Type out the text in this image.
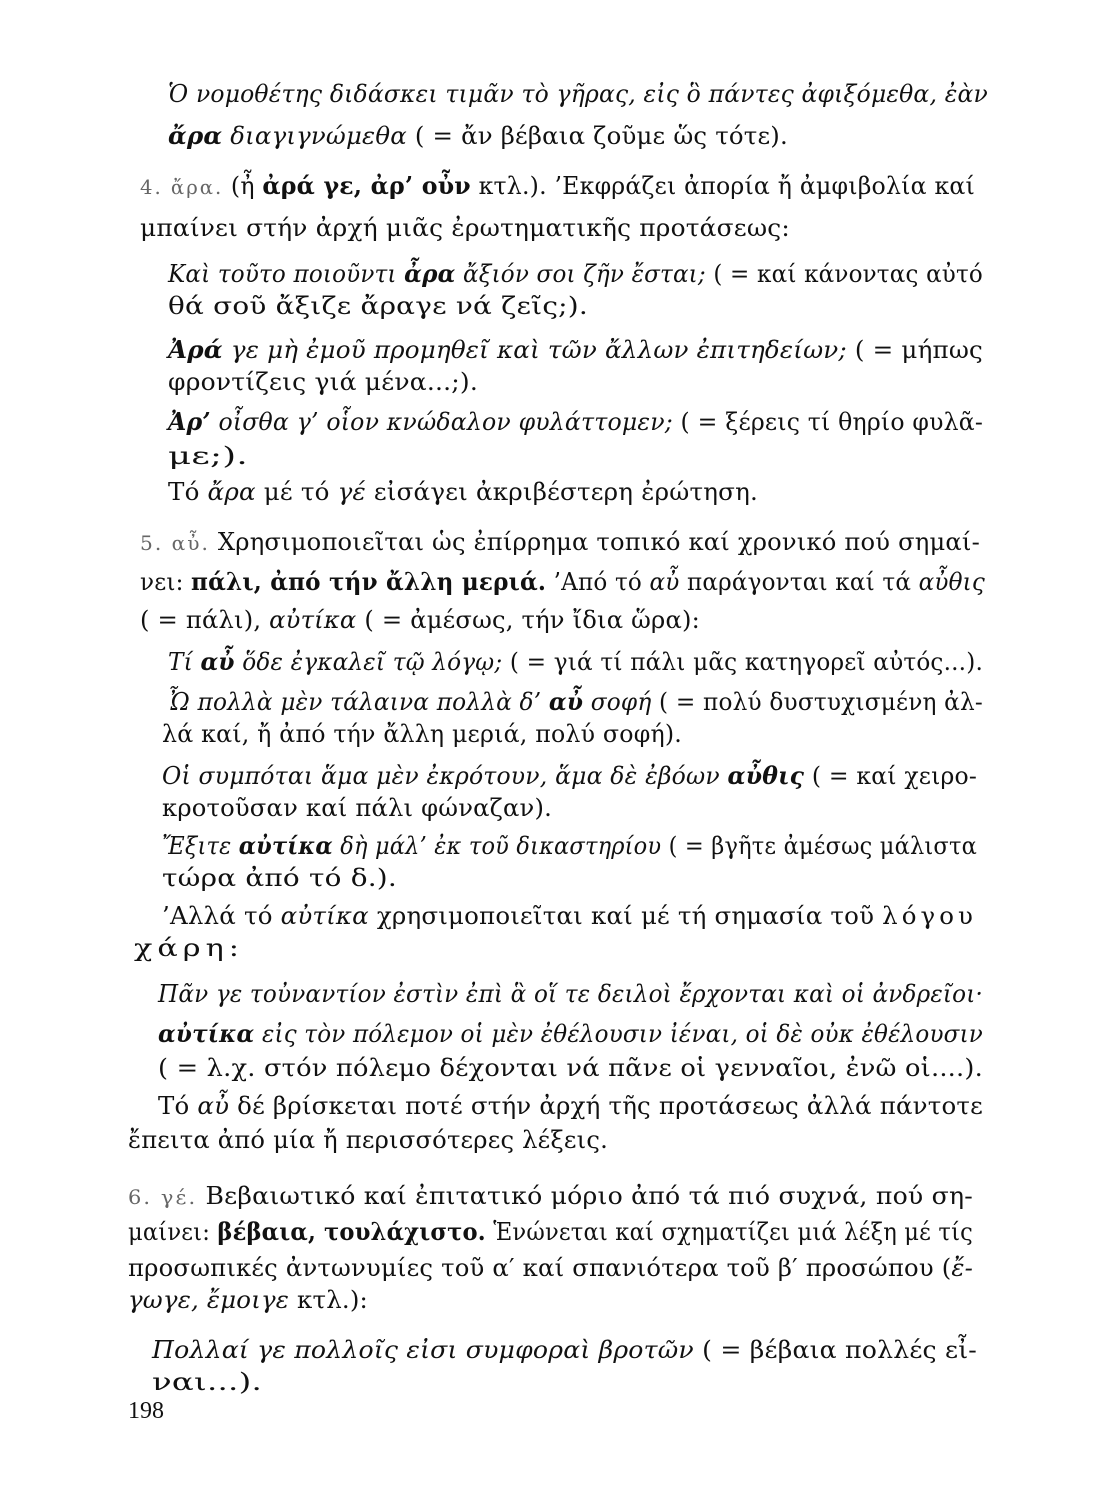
Ὁ νομοθέτης διδάσκει τιμᾶν τὸ γῆρας, εἰς ὃ πάντες ἀφιξόμεθα, ἐὰν
ἄρα διαγιγνώμεθα ( = ἄν βέβαια ζοῦμε ὥς τότε).
4. ἄρα. (ἦ ἀρά γε, ἀρ’ οὖν κτλ.). ’Εκφράζει ἀπορία ἤ ἀμφιβολία καί
μπαίνει στήν ἀρχή μιᾶς ἐρωτηματικῆς προτάσεως:
Καὶ τοῦτο ποιοῦντι ἆρα ἄξιόν σοι ζῆν ἔσται; ( = καί κάνοντας αὐτό
θά σοῦ ἄξιζε ἄραγε νά ζεῖς;).
Ἀρά γε μὴ ἐμοῦ προμηθεῖ καὶ τῶν ἄλλων ἐπιτηδείων; ( = μήπως
φροντίζεις γιά μένα...;).
Ἀρ’ οἶσθα γ’ οἷον κνώδαλον φυλάττομεν; ( = ξέρεις τί θηρίο φυλᾶ-
με;).
Τό ἄρα μέ τό γέ εἰσάγει ἀκριβέστερη ἐρώτηση.
5. αὖ. Χρησιμοποιεῖται ὡς ἐπίρρημα τοπικό καί χρονικό πού σημαί-
νει: πάλι, ἀπό τήν ἄλλη μεριά. ’Από τό αὖ παράγονται καί τά αὖθις
( = πάλι), αὐτίκα ( = ἀμέσως, τήν ἴδια ὥρα):
Τί αὖ ὅδε ἐγκαλεῖ τῷ λόγῳ; ( = γιά τί πάλι μᾶς κατηγορεῖ αὐτός...).
Ὦ πολλὰ μὲν τάλαινα πολλὰ δ’ αὖ σοφή ( = πολύ δυστυχισμένη ἀλ-
λά καί, ἤ ἀπό τήν ἄλλη μεριά, πολύ σοφή).
Οἱ συμπόται ἅμα μὲν ἐκρότουν, ἅμα δὲ ἐβόων αὖθις ( = καί χειρο-
κροτοῦσαν καί πάλι φώναζαν).
Ἔξιτε αὐτίκα δὴ μάλ’ ἐκ τοῦ δικαστηρίου ( = βγῆτε ἀμέσως μάλιστα
τώρα ἀπό τό δ.).
’Αλλά τό αὐτίκα χρησιμοποιεῖται καί μέ τή σημασία τοῦ λόγου
χάρη:
Πᾶν γε τοὐναντίον ἐστὶν ἐπὶ ἃ οἵ τε δειλοὶ ἔρχονται καὶ οἱ ἀνδρεῖοι·
αὐτίκα εἰς τὸν πόλεμον οἱ μὲν ἐθέλουσιν ἰέναι, οἱ δὲ οὐκ ἐθέλουσιν
( = λ.χ. στόν πόλεμο δέχονται νά πᾶνε οἱ γενναῖοι, ἐνῶ οἱ....).
Τό αὖ δέ βρίσκεται ποτέ στήν ἀρχή τῆς προτάσεως ἀλλά πάντοτε
ἔπειτα ἀπό μία ἤ περισσότερες λέξεις.
6. γέ. Βεβαιωτικό καί ἐπιτατικό μόριο ἀπό τά πιό συχνά, πού ση-
μαίνει: βέβαια, τουλάχιστο. Ἑνώνεται καί σχηματίζει μιά λέξη μέ τίς
προσωπικές ἀντωνυμίες τοῦ α′ καί σπανιότερα τοῦ β′ προσώπου (ἔ-
γωγε, ἔμοιγε κτλ.):
Πολλαί γε πολλοῖς εἰσι συμφοραὶ βροτῶν ( = βέβαια πολλές εἶ-
ναι...).
198
